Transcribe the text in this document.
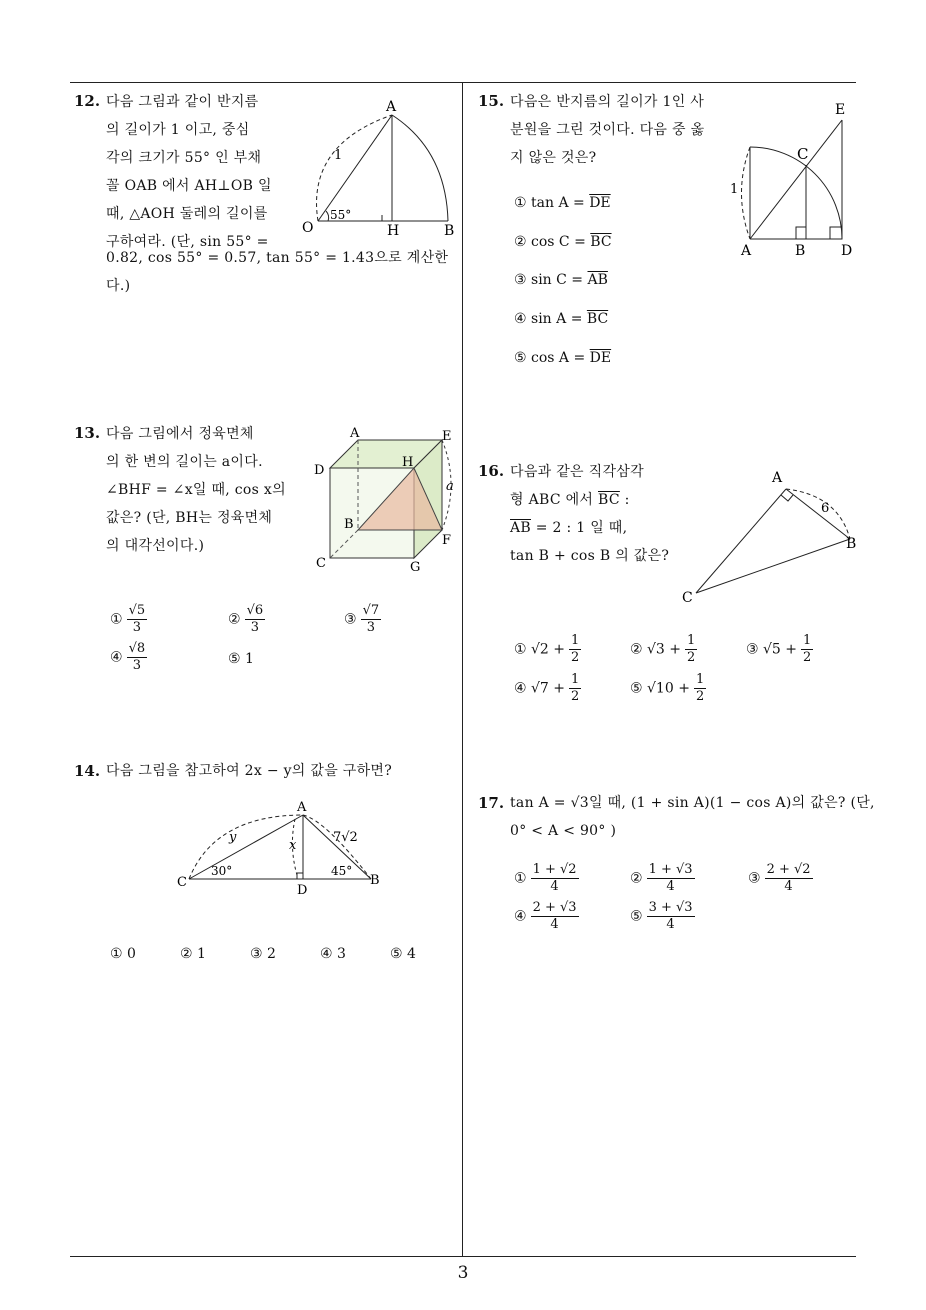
12. 다음 그림과 같이 반지름
의 길이가 1 이고, 중심
각의 크기가 55° 인 부채
꼴 OAB 에서 AH⊥OB 일
때, △AOH 둘레의 길이를
구하여라. (단, sin 55° =
0.82, cos 55° = 0.57, tan 55° = 1.43으로 계산한
다.)
A
O	H	B
1
55°
13. 다음 그림에서 정육면체
의 한 변의 길이는 a이다.
∠BHF = ∠x일 때, cos x의
값은? (단, BH는 정육면체
의 대각선이다.)
A	E
D
H
B
F
C	G
a
① $\frac{√5}{3}$	② $\frac{√6}{3}$	③ $\frac{√7}{3}$
④ $\frac{√8}{3}$	⑤ 1
14. 다음 그림을 참고하여 2x − y의 값을 구하면?
A
C
D
B
y
x
7√2
30°	45°
① 0	② 1	③ 2	④ 3	⑤ 4
15. 다음은 반지름의 길이가 1인 사
분원을 그린 것이다. 다음 중 옳
지 않은 것은?
E
C
A	B	D
1
① $\tan A = \overline{DE}$
② $\cos C = \overline{BC}$
③ $\sin C = \overline{AB}$
④ $\sin A = \overline{BC}$
⑤ $\cos A = \overline{DE}$
16. 다음과 같은 직각삼각
형 ABC 에서 $\overline{BC}$ :
$\overline{AB} = 2$ : 1 일 때,
tan B + cos B 의 값은?
A
B
C
6
① $√2 + \frac{1}{2}$	② $√3 + \frac{1}{2}$	③ $√5 + \frac{1}{2}$
④ $√7 + \frac{1}{2}$	⑤ $√10 + \frac{1}{2}$
17. tan A = √3일 때, (1 + sin A)(1 − cos A)의 값은? (단,
0° < A < 90° )
① $\frac{1 + √2}{4}$	② $\frac{1 + √3}{4}$	③ $\frac{2 + √2}{4}$
④ $\frac{2 + √3}{4}$	⑤ $\frac{3 + √3}{4}$
3
